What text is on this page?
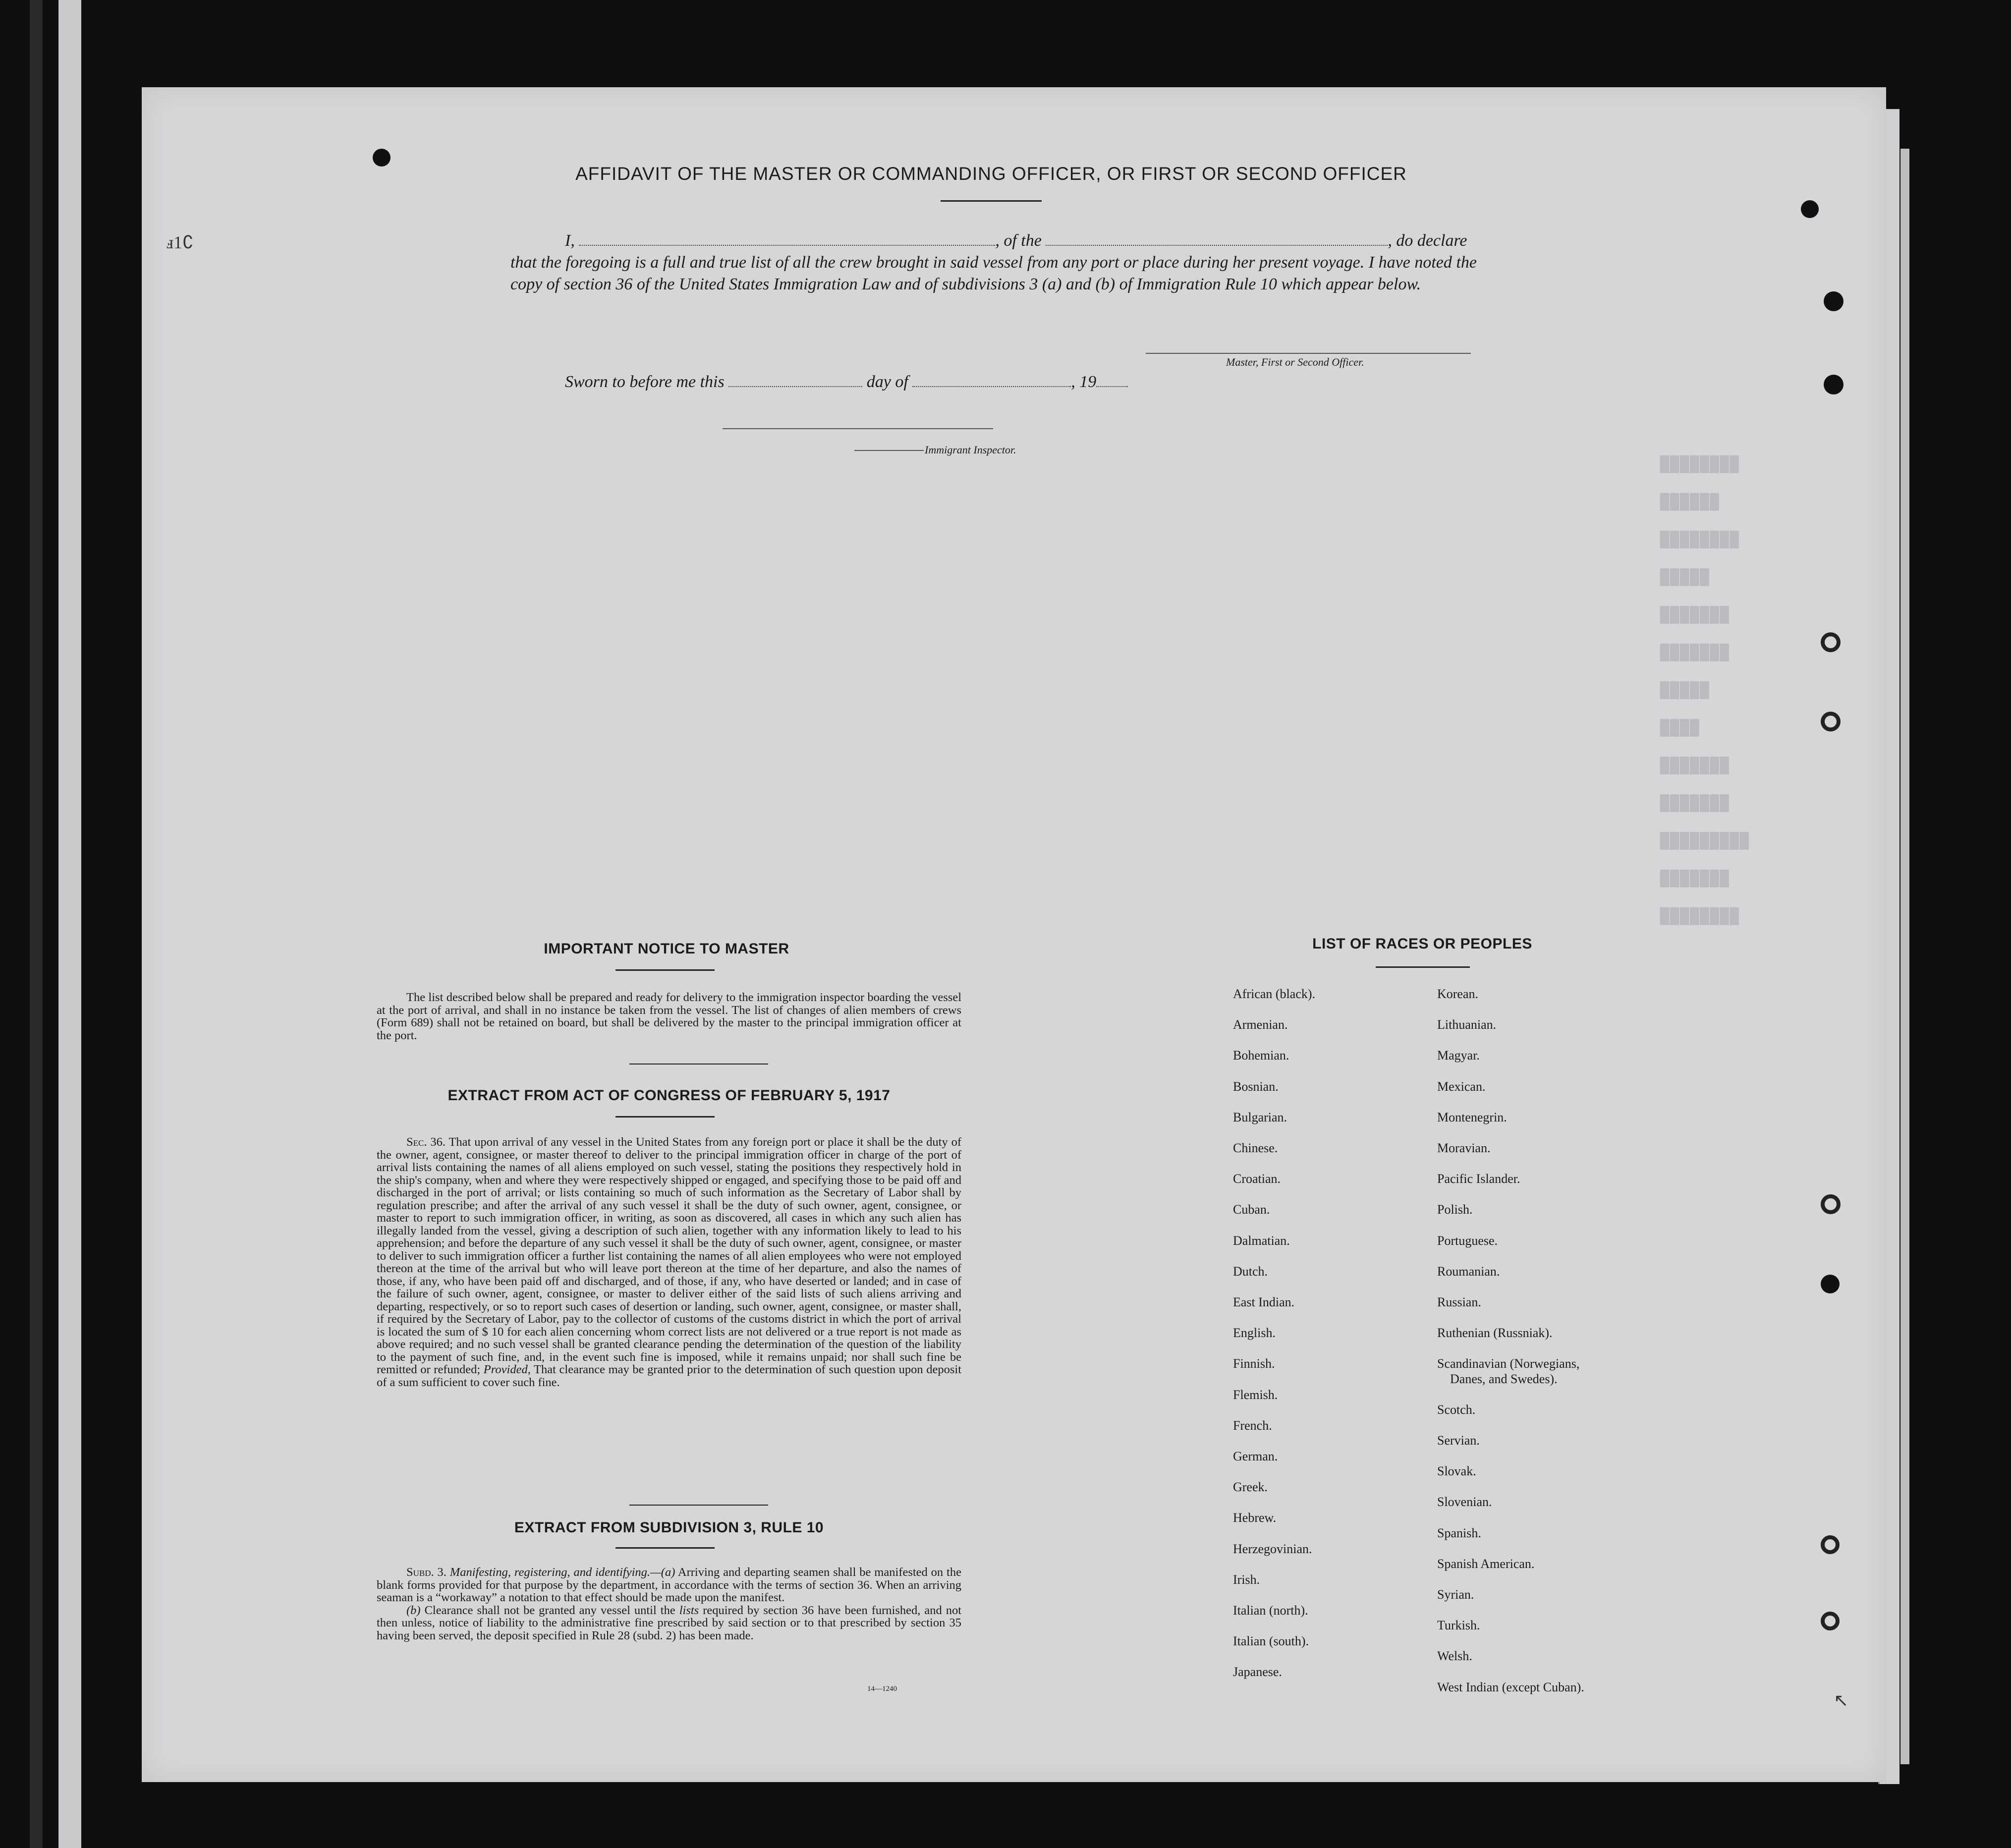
████████
██████
████████
█████
███████
███████
█████
████
███████
███████
█████████
███████
████████
AFFIDAVIT OF THE MASTER OR COMMANDING OFFICER, OR FIRST OR SECOND OFFICER
I,	, of the	, do declare
that the foregoing is a full and true list of all the crew brought in said vessel from any port or place during her present voyage. I have noted the copy of section 36 of the United States Immigration Law and of subdivisions 3 (a) and (b) of Immigration Rule 10 which appear below.
Master, First or Second Officer.
Sworn to before me this	day of	, 19
Immigrant Inspector.
IMPORTANT NOTICE TO MASTER

The list described below shall be prepared and ready for delivery to the immigration inspector boarding the vessel at the port of arrival, and shall in no instance be taken from the vessel. The list of changes of alien members of crews (Form 689) shall not be retained on board, but shall be delivered by the master to the principal immigration officer at the port.

EXTRACT FROM ACT OF CONGRESS OF FEBRUARY 5, 1917

Sec. 36. That upon arrival of any vessel in the United States from any foreign port or place it shall be the duty of the owner, agent, consignee, or master thereof to deliver to the principal immigration officer in charge of the port of arrival lists containing the names of all aliens employed on such vessel, stating the positions they respectively hold in the ship's company, when and where they were respectively shipped or engaged, and specifying those to be paid off and discharged in the port of arrival; or lists containing so much of such information as the Secretary of Labor shall by regulation prescribe; and after the arrival of any such vessel it shall be the duty of such owner, agent, consignee, or master to report to such immigration officer, in writing, as soon as discovered, all cases in which any such alien has illegally landed from the vessel, giving a description of such alien, together with any information likely to lead to his apprehension; and before the departure of any such vessel it shall be the duty of such owner, agent, consignee, or master to deliver to such immigration officer a further list containing the names of all alien employees who were not employed thereon at the time of the arrival but who will leave port thereon at the time of her departure, and also the names of those, if any, who have been paid off and discharged, and of those, if any, who have deserted or landed; and in case of the failure of such owner, agent, consignee, or master to deliver either of the said lists of such aliens arriving and departing, respectively, or so to report such cases of desertion or landing, such owner, agent, consignee, or master shall, if required by the Secretary of Labor, pay to the collector of customs of the customs district in which the port of arrival is located the sum of $ 10 for each alien concerning whom correct lists are not delivered or a true report is not made as above required; and no such vessel shall be granted clearance pending the determination of the question of the liability to the payment of such fine, and, in the event such fine is imposed, while it remains unpaid; nor shall such fine be remitted or refunded; Provided, That clearance may be granted prior to the determination of such question upon deposit of a sum sufficient to cover such fine.

EXTRACT FROM SUBDIVISION 3, RULE 10

Subd. 3. Manifesting, registering, and identifying.—(a) Arriving and departing seamen shall be manifested on the blank forms provided for that purpose by the department, in accordance with the terms of section 36. When an arriving seaman is a “workaway” a notation to that effect should be made upon the manifest.

(b) Clearance shall not be granted any vessel until the lists required by section 36 have been furnished, and not then unless, notice of liability to the administrative fine prescribed by said section or to that prescribed by section 35 having been served, the deposit specified in Rule 28 (subd. 2) has been made.

14—1240
LIST OF RACES OR PEOPLES
African (black).
Armenian.
Bohemian.
Bosnian.
Bulgarian.
Chinese.
Croatian.
Cuban.
Dalmatian.
Dutch.
East Indian.
English.
Finnish.
Flemish.
French.
German.
Greek.
Hebrew.
Herzegovinian.
Irish.
Italian (north).
Italian (south).
Japanese.
Korean.
Lithuanian.
Magyar.
Mexican.
Montenegrin.
Moravian.
Pacific Islander.
Polish.
Portuguese.
Roumanian.
Russian.
Ruthenian (Russniak).
Scandinavian (Norwegians,
Danes, and Swedes).
Scotch.
Servian.
Slovak.
Slovenian.
Spanish.
Spanish American.
Syrian.
Turkish.
Welsh.
West Indian (except Cuban).
ⅎ1∁
↖
